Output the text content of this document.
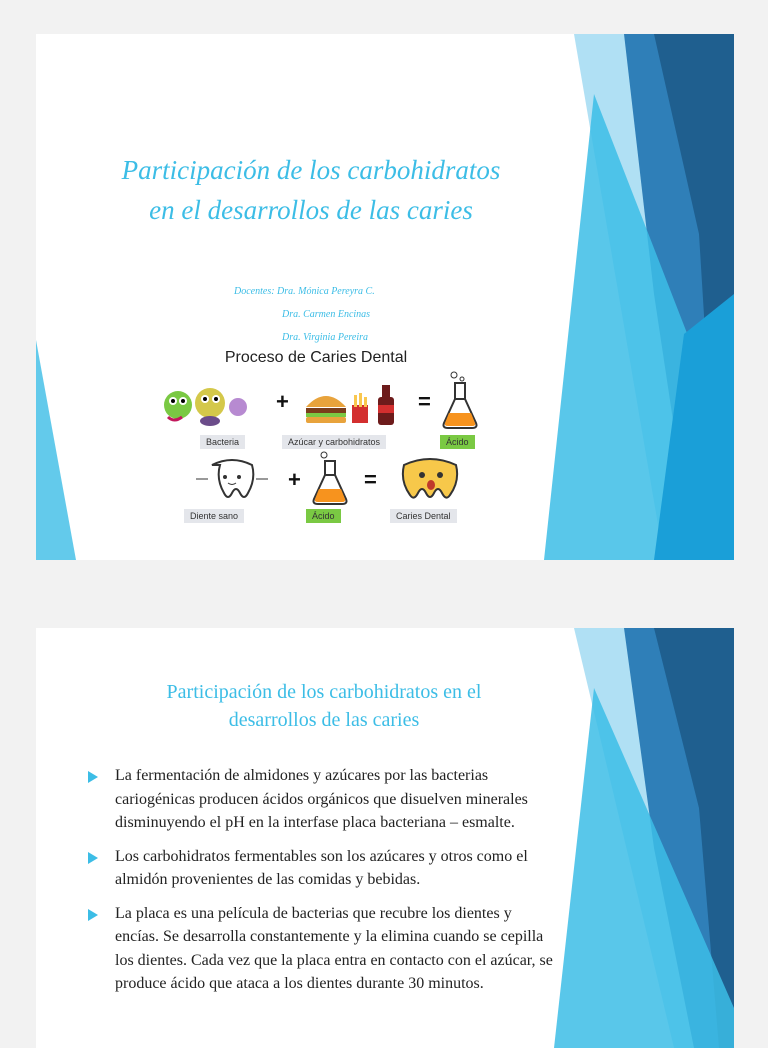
Participación de los carbohidratos
en el desarrollos de las caries
Docentes: Dra. Mónica Pereyra C.
Dra. Carmen Encinas
Dra. Virginia Pereira
Proceso de Caries Dental
+	=
Bacteria	Azúcar y carbohidratos	Ácido
+	=
Diente sano	Ácido	Caries Dental
Participación de los carbohidratos en el
desarrollos de las caries
La fermentación de almidones y azúcares por las bacterias cariogénicas producen ácidos orgánicos que disuelven minerales disminuyendo el pH en la interfase placa bacteriana – esmalte.
Los carbohidratos fermentables son los azúcares y otros como el almidón provenientes de las comidas y bebidas.
La placa es una película de bacterias que recubre los dientes y encías. Se desarrolla constantemente y la elimina cuando se cepilla los dientes. Cada vez que la placa entra en contacto con el azúcar, se produce ácido que ataca a los dientes durante 30 minutos.
